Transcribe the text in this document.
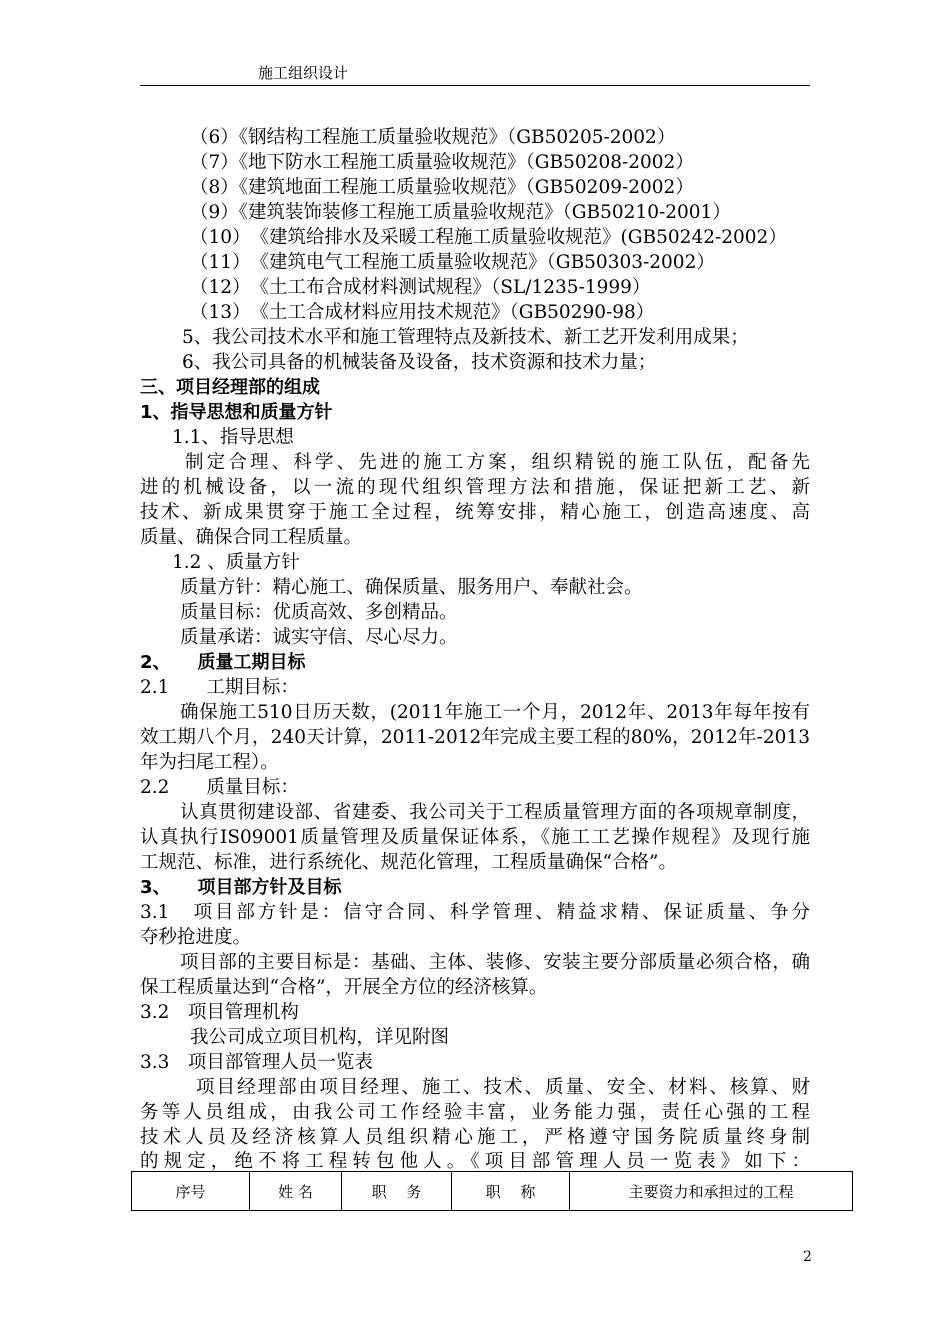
施工组织设计
（6）《钢结构工程施工质量验收规范》（GB50205-2002）
（7）《地下防水工程施工质量验收规范》（GB50208-2002）
（8）《建筑地面工程施工质量验收规范》（GB50209-2002）
（9）《建筑装饰装修工程施工质量验收规范》（GB50210-2001）
（10）　《建筑给排水及采暖工程施工质量验收规范》(GB50242-2002）
（11）　《建筑电气工程施工质量验收规范》（GB50303-2002）
（12）　《土工布合成材料测试规程》（SL/1235-1999）
（13）　《土工合成材料应用技术规范》（GB50290-98）
5、我公司技术水平和施工管理特点及新技术、新工艺开发利用成果；
6、我公司具备的机械装备及设备，技术资源和技术力量；
三、项目经理部的组成
1、指导思想和质量方针
1.1、指导思想
制定合理、科学、先进的施工方案，组织精锐的施工队伍，配备先
进的机械设备，以一流的现代组织管理方法和措施，保证把新工艺、新
技术、新成果贯穿于施工全过程，统筹安排，精心施工，创造高速度、高
质量、确保合同工程质量。
1.2 、质量方针
质量方针：精心施工、确保质量、服务用户、奉献社会。
质量目标：优质高效、多创精品。
质量承诺：诚实守信、尽心尽力。
2、　　质量工期目标
2.1　　工期目标：
确保施工510日历天数，(2011年施工一个月，2012年、2013年每年按有
效工期八个月，240天计算，2011-2012年完成主要工程的80%，2012年-2013
年为扫尾工程）。
2.2　　质量目标：
认真贯彻建设部、省建委、我公司关于工程质量管理方面的各项规章制度，
认真执行IS09001质量管理及质量保证体系，《施工工艺操作规程》及现行施
工规范、标准，进行系统化、规范化管理，工程质量确保“合格”。
3、　　项目部方针及目标
3.1　项目部方针是：信守合同、科学管理、精益求精、保证质量、争分
夺秒抢进度。
项目部的主要目标是：基础、主体、装修、安装主要分部质量必须合格，确
保工程质量达到“合格”，开展全方位的经济核算。
3.2　项目管理机构
我公司成立项目机构，详见附图
3.3　项目部管理人员一览表
项目经理部由项目经理、施工、技术、质量、安全、材料、核算、财
务等人员组成，由我公司工作经验丰富，业务能力强，责任心强的工程
技术人员及经济核算人员组织精心施工，严格遵守国务院质量终身制
的规定，绝不将工程转包他人。《项目部管理人员一览表》如下：
序号	姓 名	职　 务	职　 称	主要资力和承担过的工程
2
